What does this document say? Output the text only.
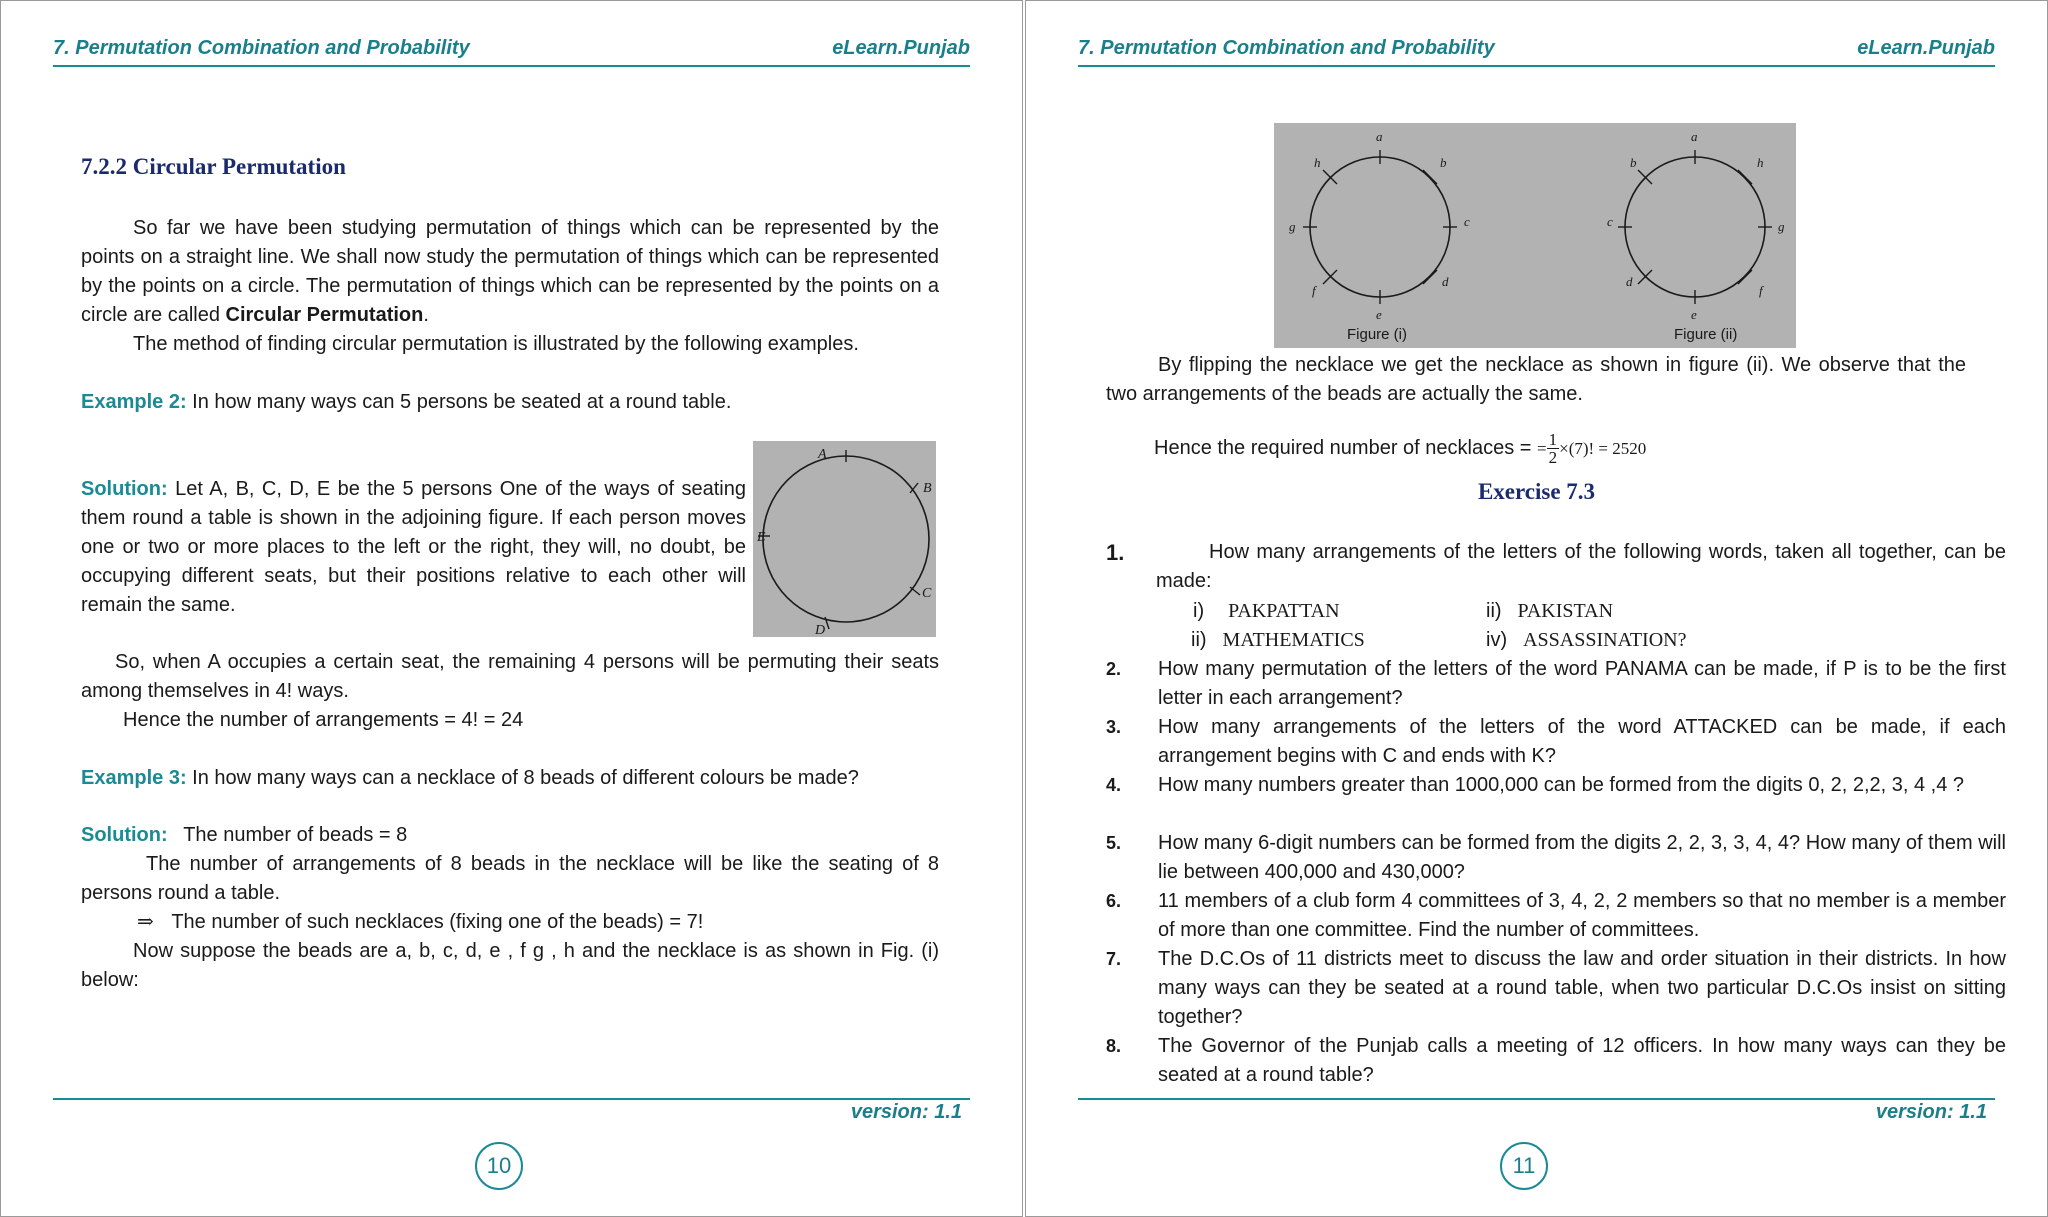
7. Permutation Combination and Probability	eLearn.Punjab
7.2.2 Circular Permutation
So far we have been studying permutation of things which can be represented by the points on a straight line. We shall now study the permutation of things which can be represented by the points on a circle. The permutation of things which can be represented by the points on a circle are called Circular Permutation.
The method of finding circular permutation is illustrated by the following examples.
Example 2: In how many ways can 5 persons be seated at a round table.
Solution: Let A, B, C, D, E be the 5 persons One of the ways of seating them round a table is shown in the adjoining figure. If each person moves one or two or more places to the left or the right, they will, no doubt, be occupying different seats, but their positions relative to each other will remain the same.
A
B
C
D
E
So, when A occupies a certain seat, the remaining 4 persons will be permuting their seats among themselves in 4! ways.
Hence the number of arrangements = 4! = 24
Example 3: In how many ways can a necklace of 8 beads of different colours be made?
Solution: The number of beads = 8
The number of arrangements of 8 beads in the necklace will be like the seating of 8 persons round a table.
⇒ The number of such necklaces (fixing one of the beads) = 7!
Now suppose the beads are a, b, c, d, e , f g , h and the necklace is as shown in Fig. (i) below:
version: 1.1
10
7. Permutation Combination and Probability	eLearn.Punjab
a
b
c
d
e
f
g
h
Figure (i)
a
h
g
f
e
d
c
b
Figure (ii)
By flipping the necklace we get the necklace as shown in figure (ii). We observe that the two arrangements of the beads are actually the same.
Hence the required number of necklaces = = $\frac{1}{2} \times(7)$! = 2520
Exercise 7.3
1.	How many arrangements of the letters of the following words, taken all together, can be made:
i) PAKPATTAN	ii) PAKISTAN
ii) MATHEMATICS	iv) ASSASSINATION?
2. How many permutation of the letters of the word PANAMA can be made, if P is to be the first letter in each arrangement?
3. How many arrangements of the letters of the word ATTACKED can be made, if each arrangement begins with C and ends with K?
4. How many numbers greater than 1000,000 can be formed from the digits 0, 2, 2,2, 3, 4 ,4 ?
5. How many 6-digit numbers can be formed from the digits 2, 2, 3, 3, 4, 4? How many of them will lie between 400,000 and 430,000?
6. 11 members of a club form 4 committees of 3, 4, 2, 2 members so that no member is a member of more than one committee. Find the number of committees.
7. The D.C.Os of 11 districts meet to discuss the law and order situation in their districts. In how many ways can they be seated at a round table, when two particular D.C.Os insist on sitting together?
8. The Governor of the Punjab calls a meeting of 12 officers. In how many ways can they be seated at a round table?
version: 1.1
11
